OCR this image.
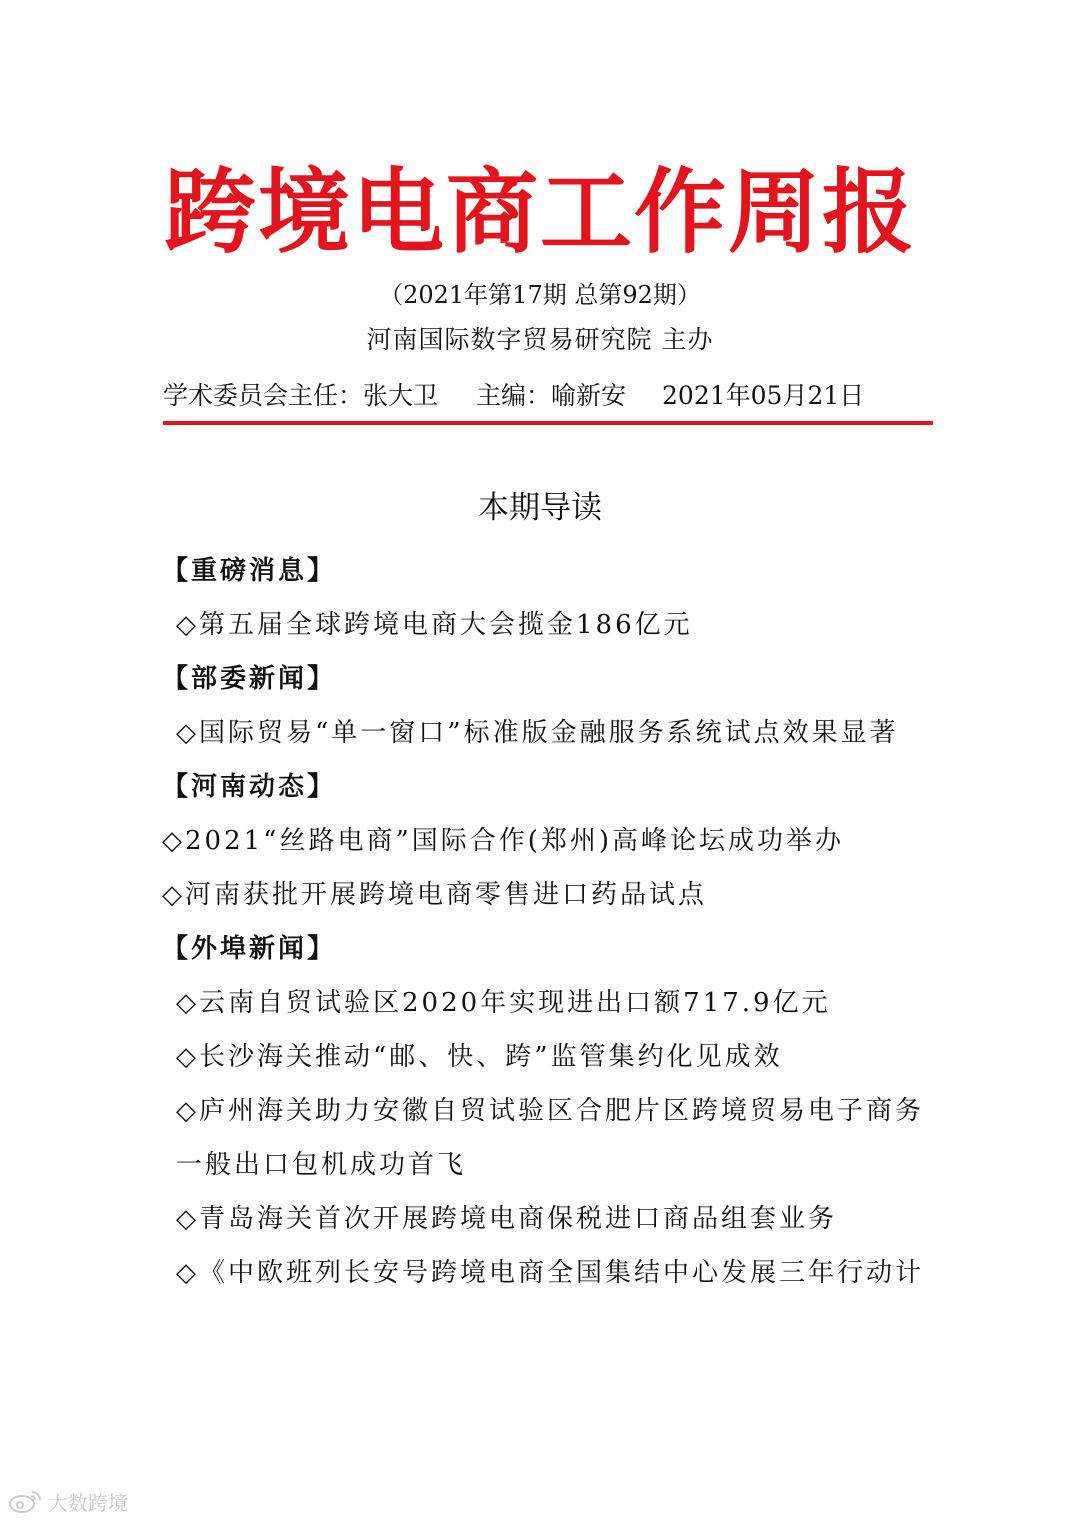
跨境电商工作周报
（2021年第17期 总第92期）
河南国际数字贸易研究院 主办
学术委员会主任：张大卫 主编：喻新安 2021年05月21日
本期导读
【重磅消息】
◇第五届全球跨境电商大会揽金186亿元
【部委新闻】
◇国际贸易“单一窗口”标准版金融服务系统试点效果显著
【河南动态】
◇2021“丝路电商”国际合作(郑州)高峰论坛成功举办
◇河南获批开展跨境电商零售进口药品试点
【外埠新闻】
◇云南自贸试验区2020年实现进出口额717.9亿元
◇长沙海关推动“邮、快、跨”监管集约化见成效
◇庐州海关助力安徽自贸试验区合肥片区跨境贸易电子商务一般出口包机成功首飞
◇青岛海关首次开展跨境电商保税进口商品组套业务
◇《中欧班列长安号跨境电商全国集结中心发展三年行动计
大数跨境
